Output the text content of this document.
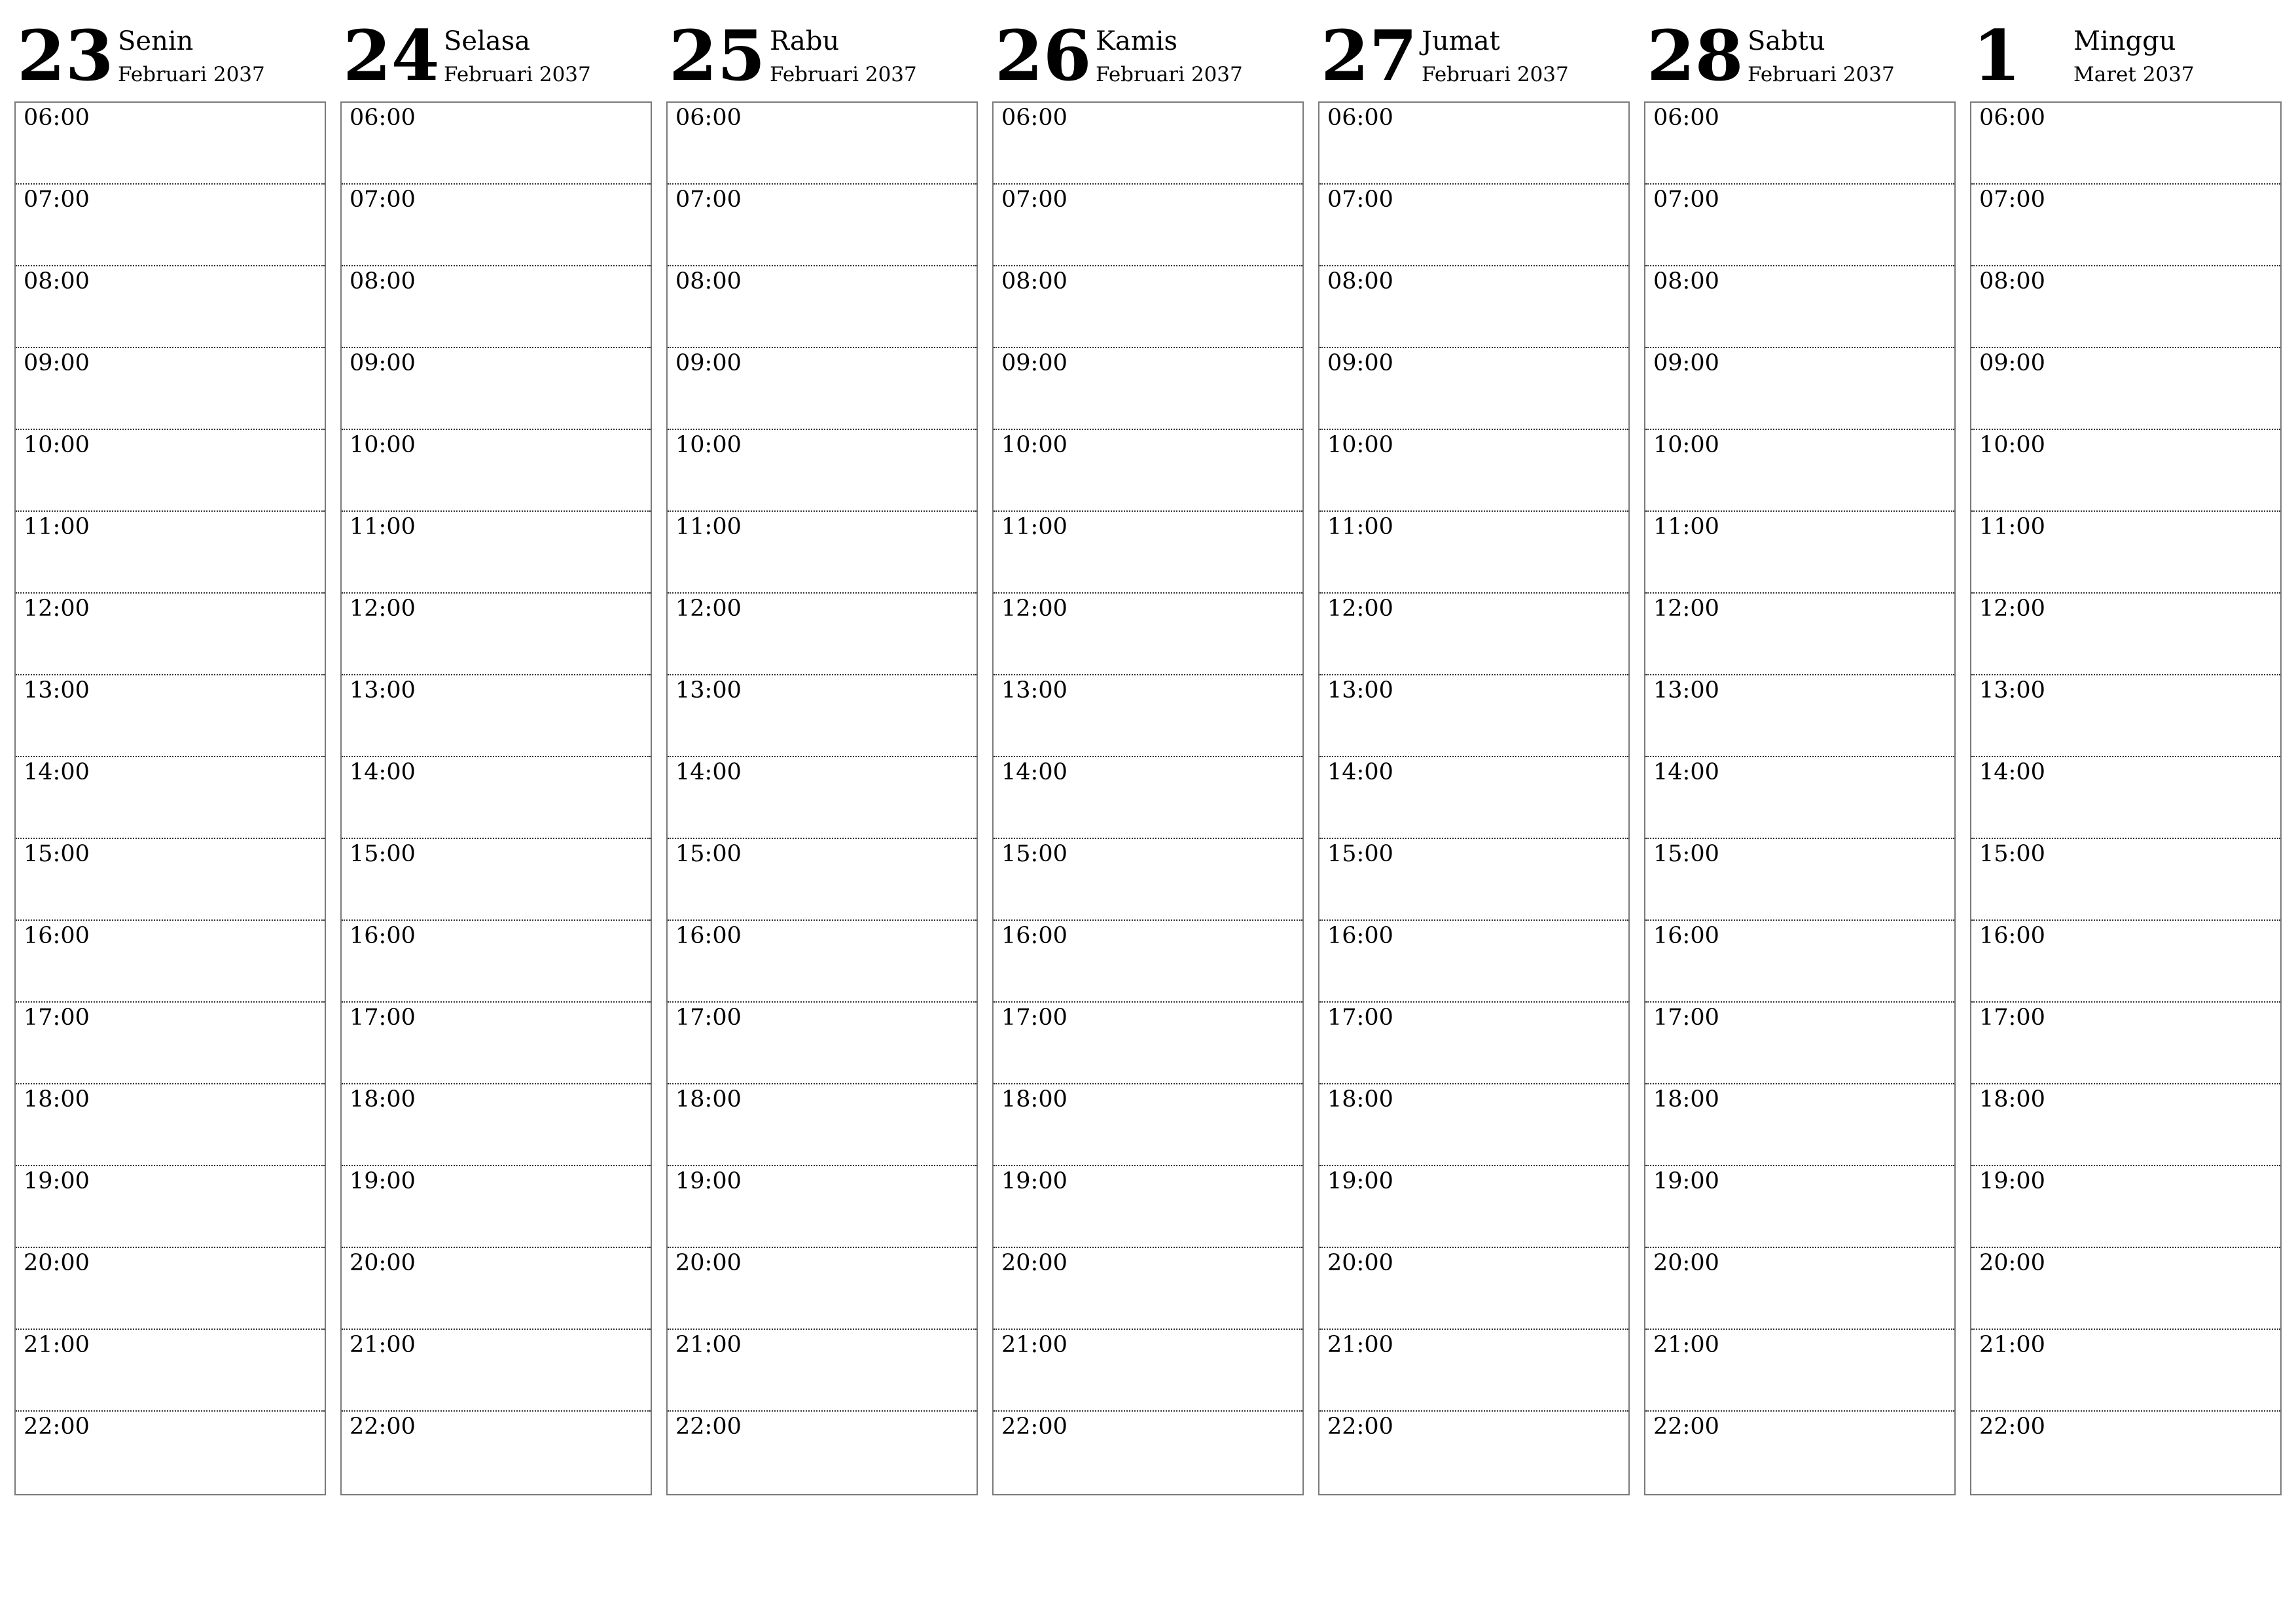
23 Senin
Februari 2037
06:00
07:00
08:00
09:00
10:00
11:00
12:00
13:00
14:00
15:00
16:00
17:00
18:00
19:00
20:00
21:00
22:00
24 Selasa
Februari 2037
06:00
07:00
08:00
09:00
10:00
11:00
12:00
13:00
14:00
15:00
16:00
17:00
18:00
19:00
20:00
21:00
22:00
25 Rabu
Februari 2037
06:00
07:00
08:00
09:00
10:00
11:00
12:00
13:00
14:00
15:00
16:00
17:00
18:00
19:00
20:00
21:00
22:00
26 Kamis
Februari 2037
06:00
07:00
08:00
09:00
10:00
11:00
12:00
13:00
14:00
15:00
16:00
17:00
18:00
19:00
20:00
21:00
22:00
27 Jumat
Februari 2037
06:00
07:00
08:00
09:00
10:00
11:00
12:00
13:00
14:00
15:00
16:00
17:00
18:00
19:00
20:00
21:00
22:00
28 Sabtu
Februari 2037
06:00
07:00
08:00
09:00
10:00
11:00
12:00
13:00
14:00
15:00
16:00
17:00
18:00
19:00
20:00
21:00
22:00
1 Minggu
Maret 2037
06:00
07:00
08:00
09:00
10:00
11:00
12:00
13:00
14:00
15:00
16:00
17:00
18:00
19:00
20:00
21:00
22:00
